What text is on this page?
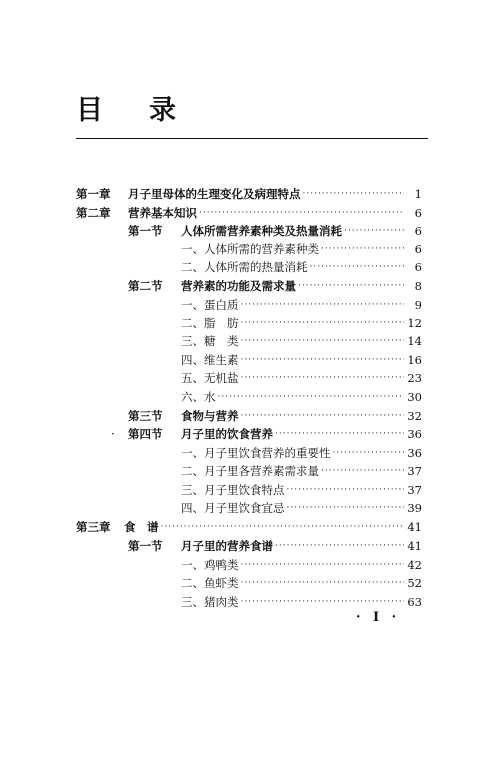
目 录
第一章 月子里母体的生理变化及病理特点 ·····	1
第二章 营养基本知识 ·····	6
第一节 人体所需营养素种类及热量消耗 ·····	6
一、人体所需的营养素种类 ·····	6
二、人体所需的热量消耗 ·····	6
第二节 营养素的功能及需求量 ·····	8
一、蛋白质 ·····	9
二、脂　肪 ·····	12
三、糖　类 ·····	14
四、维生素 ·····	16
五、无机盐 ·····	23
六、水 ·····	30
第三节 食物与营养 ·····	32
第四节 月子里的饮食营养 ·····	36
·
一、月子里饮食营养的重要性 ·····	36
二、月子里各营养素需求量 ·····	37
三、月子里饮食特点 ·····	37
四、月子里饮食宜忌 ·····	39
第三章 食　谱 ·····	41
第一节 月子里的营养食谱 ·····	41
一、鸡鸭类 ·····	42
二、鱼虾类 ·····	52
三、猪肉类 ·····	63
· I ·
